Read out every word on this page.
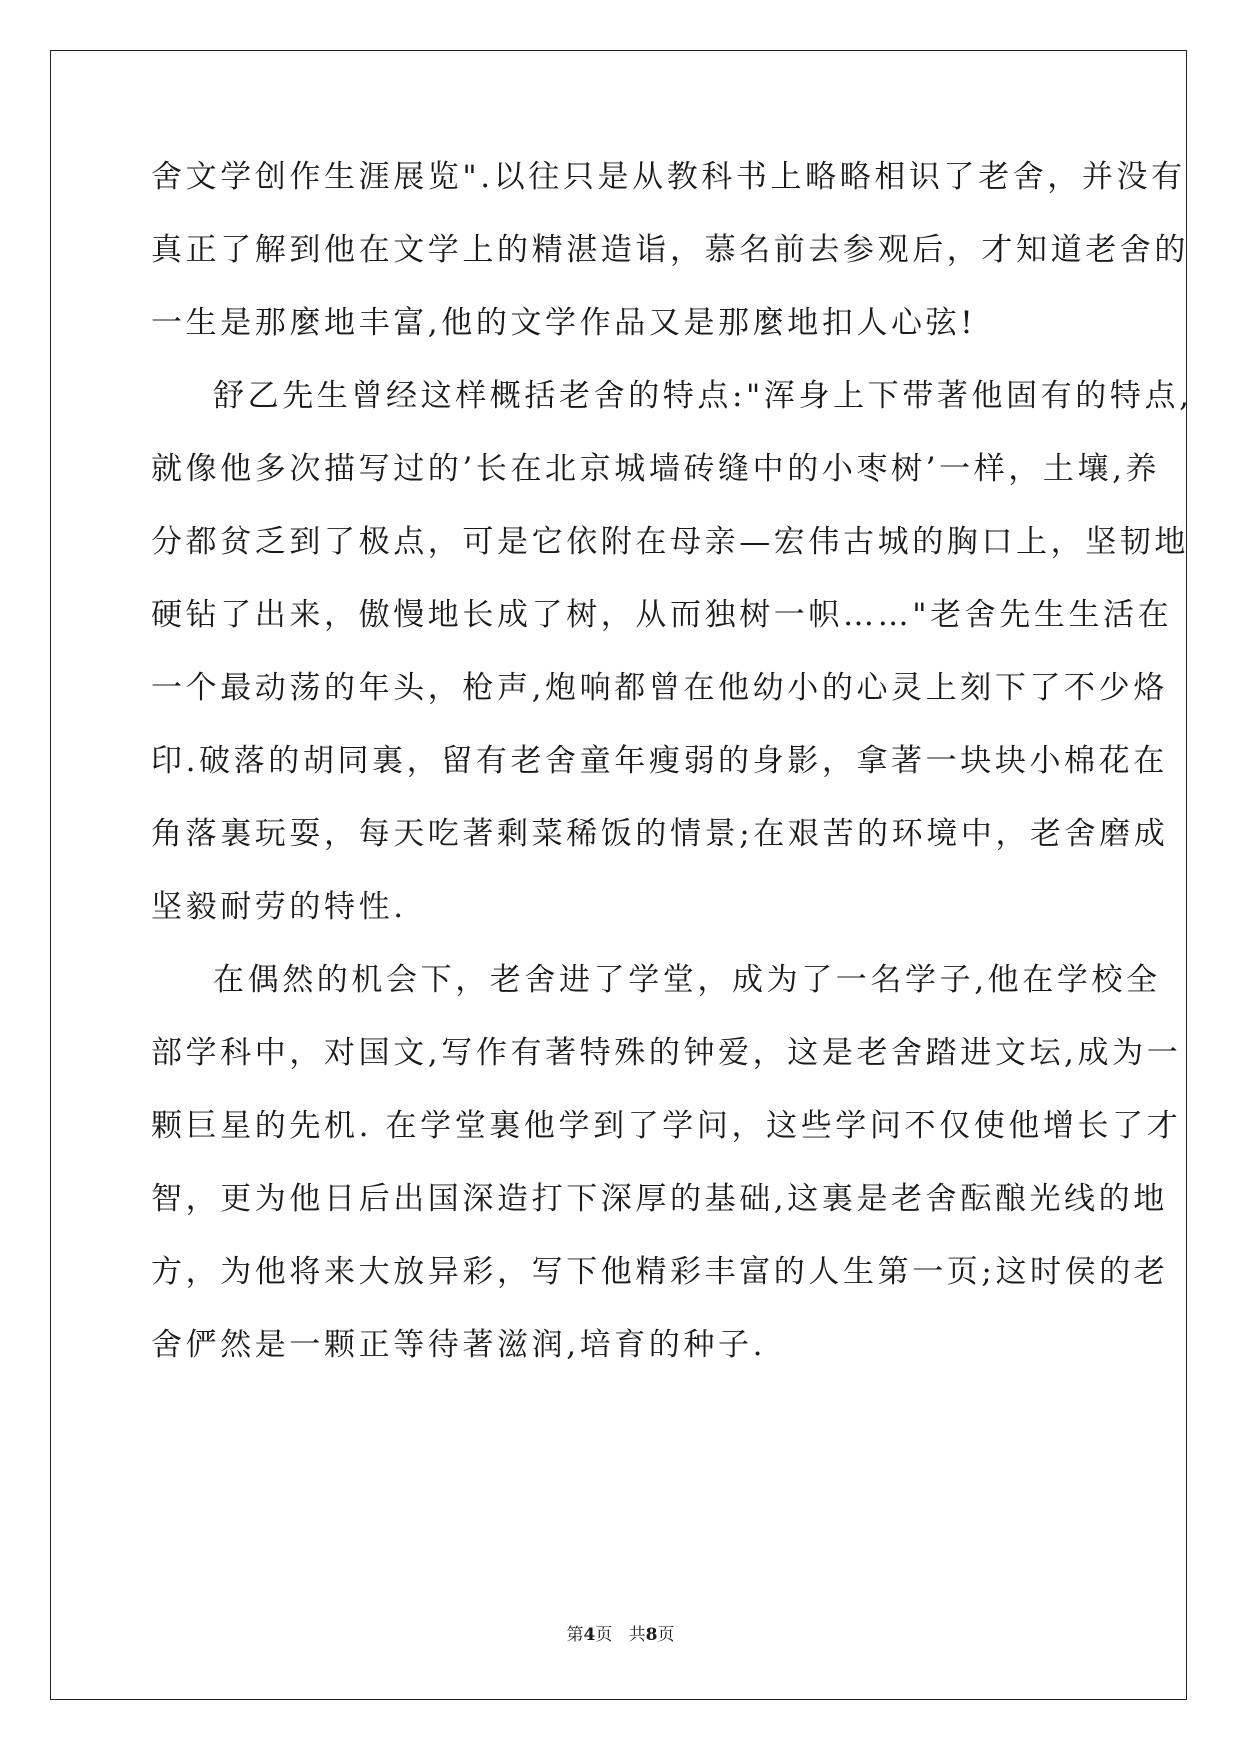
舍文学创作生涯展览".以往只是从教科书上略略相识了老舍，并没有
真正了解到他在文学上的精湛造诣，慕名前去参观后，才知道老舍的
一生是那麼地丰富,他的文学作品又是那麼地扣人心弦!
舒乙先生曾经这样概括老舍的特点:"浑身上下带著他固有的特点,
就像他多次描写过的’长在北京城墙砖缝中的小枣树’一样，土壤,养
分都贫乏到了极点，可是它依附在母亲—宏伟古城的胸口上，坚韧地
硬钻了出来，傲慢地长成了树，从而独树一帜……"老舍先生生活在
一个最动荡的年头，枪声,炮响都曾在他幼小的心灵上刻下了不少烙
印.破落的胡同裏，留有老舍童年瘦弱的身影，拿著一块块小棉花在
角落裏玩耍，每天吃著剩菜稀饭的情景;在艰苦的环境中，老舍磨成
坚毅耐劳的特性.
在偶然的机会下，老舍进了学堂，成为了一名学子,他在学校全
部学科中，对国文,写作有著特殊的钟爱，这是老舍踏进文坛,成为一
颗巨星的先机. 在学堂裏他学到了学问，这些学问不仅使他增长了才
智，更为他日后出国深造打下深厚的基础,这裏是老舍酝酿光线的地
方，为他将来大放异彩，写下他精彩丰富的人生第一页;这时侯的老
舍俨然是一颗正等待著滋润,培育的种子.
第4页   共8页
